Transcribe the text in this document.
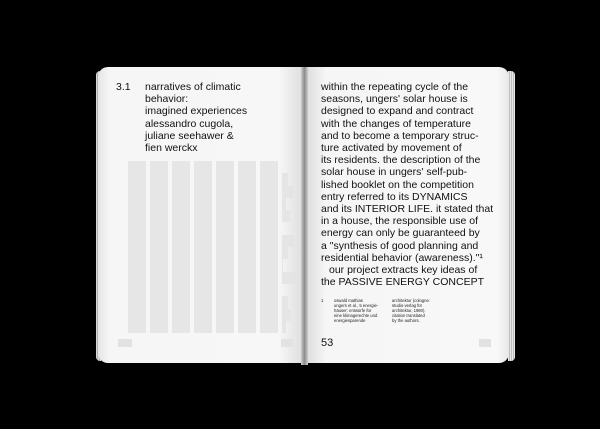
3.1 narratives of climatic
behavior:
imagined experiences
alessandro cugola,
juliane seehawer &
fien werckx
within the repeating cycle of the
seasons, ungers' solar house is
designed to expand and contract
with the changes of temperature
and to become a temporary struc-
ture activated by movement of
its residents. the description of the
solar house in ungers' self-pub-
lished booklet on the competition
entry referred to its DYNAMICS
and its INTERIOR LIFE. it stated that
in a house, the responsible use of
energy can only be guaranteed by
a "synthesis of good planning and
residential behavior (awareness)."¹
our project extracts key ideas of
the PASSIVE ENERGY CONCEPT
1	oswald mathias
ungers et al., 5 energie-
häuser: entwürfe für
eine klimagerechte und
energiesparende
architektur (cologne:
studio-verlag für
architektur, 1980).
citation translated
by the authors.
53
